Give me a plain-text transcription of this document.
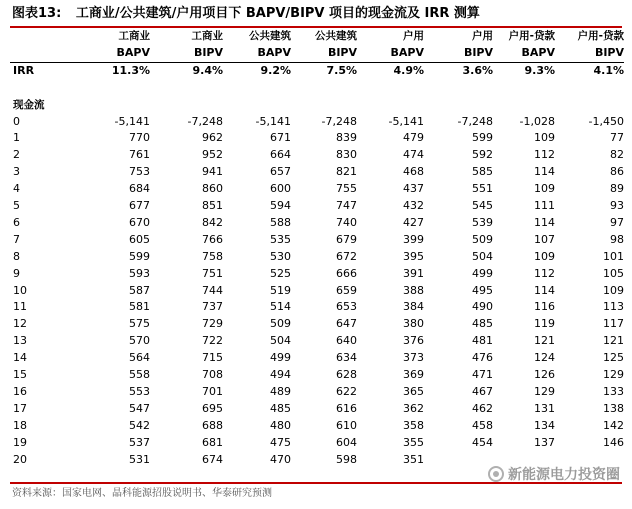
图表13: 工商业/公共建筑/户用项目下 BAPV/BIPV 项目的现金流及 IRR 测算
	工商业	工商业	公共建筑	公共建筑	户用	户用	户用-贷款	户用-贷款
	BAPV	BIPV	BAPV	BIPV	BAPV	BIPV	BAPV	BIPV
IRR	11.3%	9.4%	9.2%	7.5%	4.9%	3.6%	9.3%	4.1%

现金流								
0	-5,141	-7,248	-5,141	-7,248	-5,141	-7,248	-1,028	-1,450
1	770	962	671	839	479	599	109	77
2	761	952	664	830	474	592	112	82
3	753	941	657	821	468	585	114	86
4	684	860	600	755	437	551	109	89
5	677	851	594	747	432	545	111	93
6	670	842	588	740	427	539	114	97
7	605	766	535	679	399	509	107	98
8	599	758	530	672	395	504	109	101
9	593	751	525	666	391	499	112	105
10	587	744	519	659	388	495	114	109
11	581	737	514	653	384	490	116	113
12	575	729	509	647	380	485	119	117
13	570	722	504	640	376	481	121	121
14	564	715	499	634	373	476	124	125
15	558	708	494	628	369	471	126	129
16	553	701	489	622	365	467	129	133
17	547	695	485	616	362	462	131	138
18	542	688	480	610	358	458	134	142
19	537	681	475	604	355	454	137	146
20	531	674	470	598	351			
新能源电力投资圈
资料来源：国家电网、晶科能源招股说明书、华泰研究预测
